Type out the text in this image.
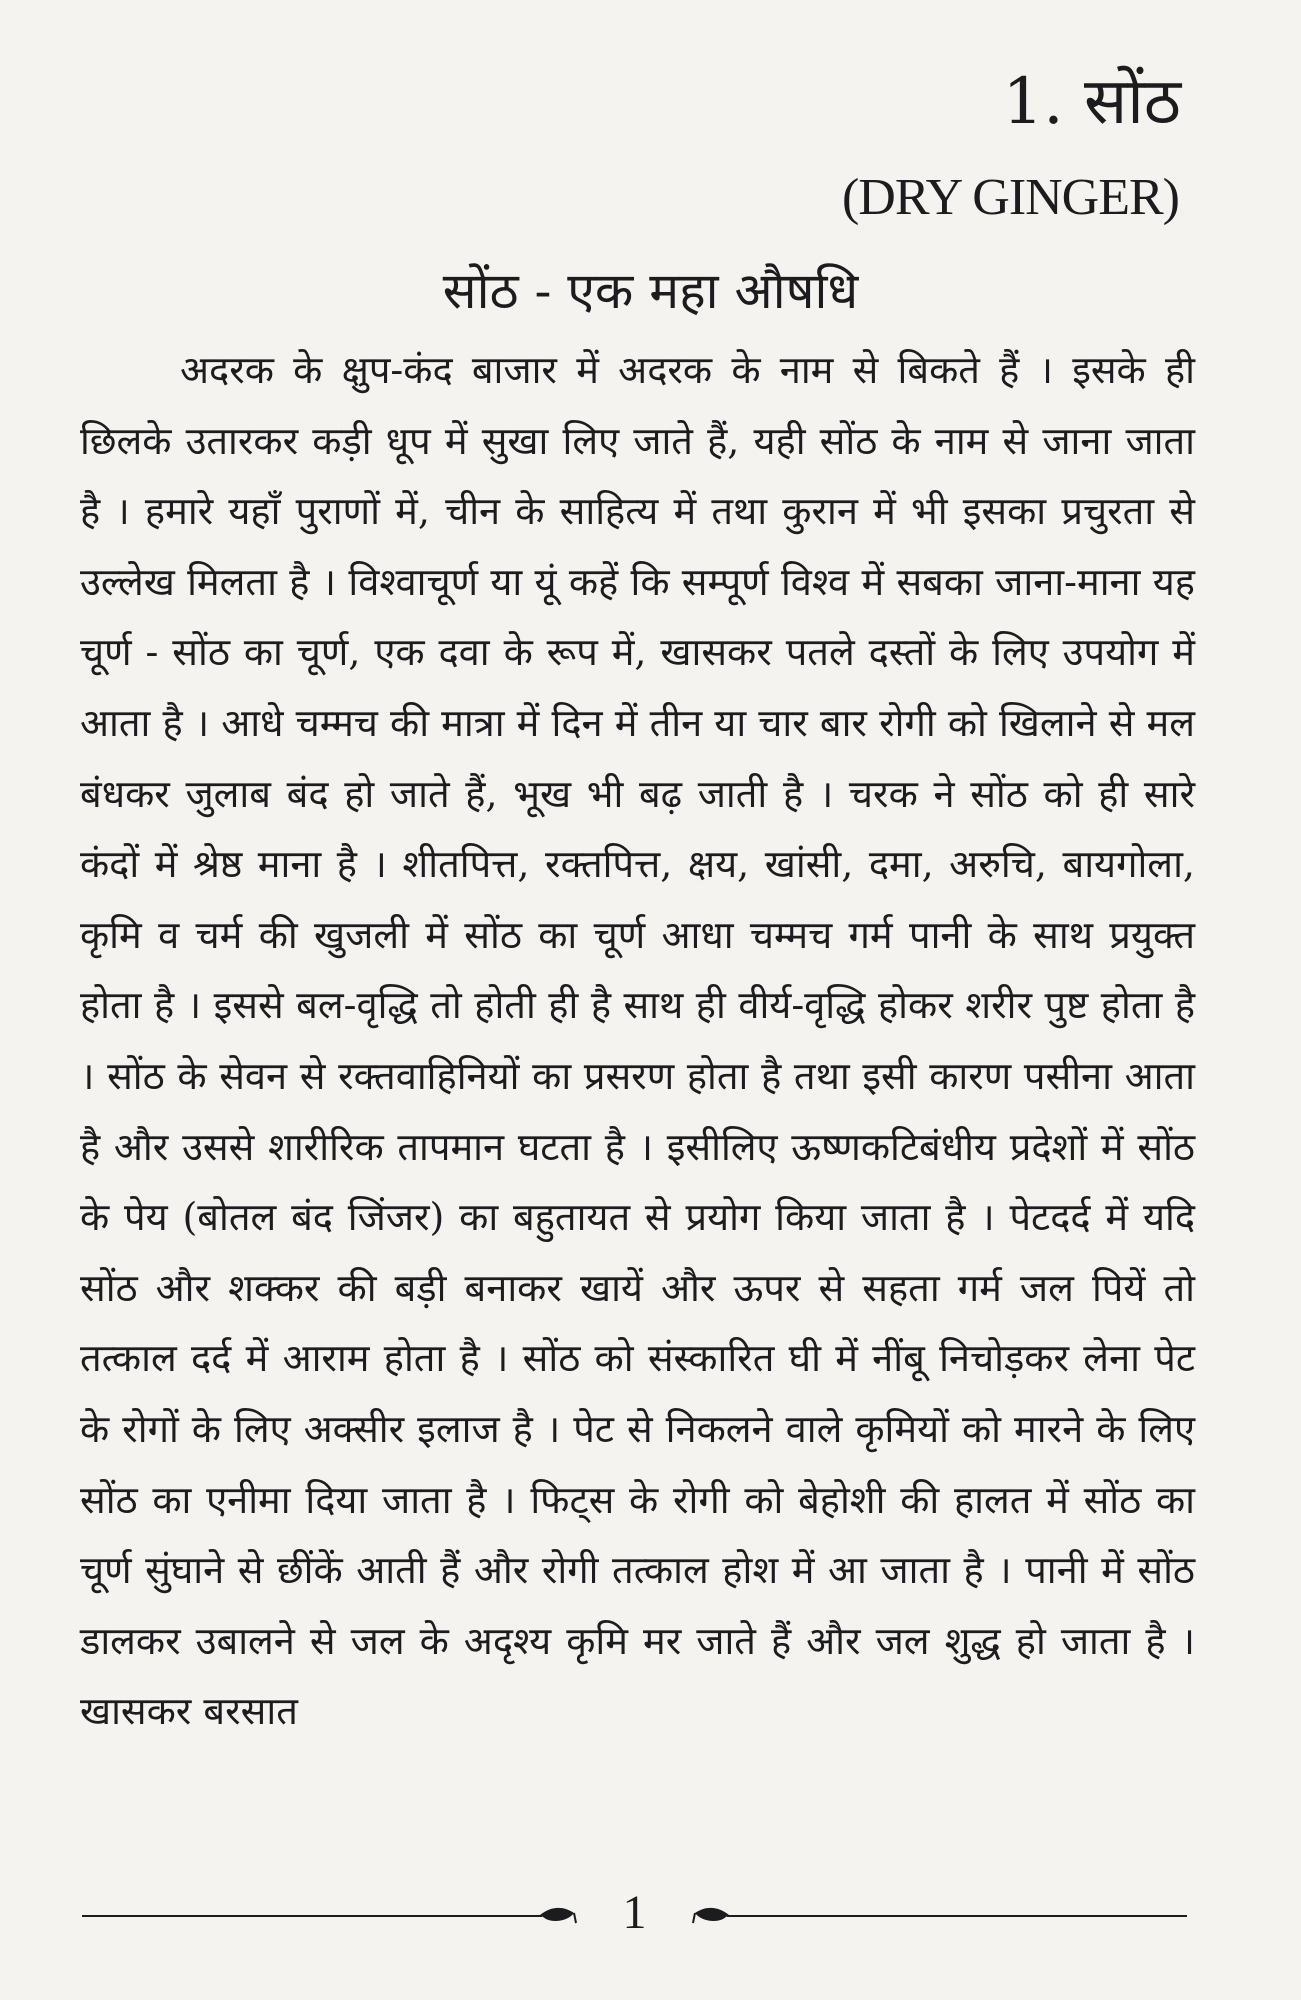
1. सोंठ
(DRY GINGER)
सोंठ - एक महा औषधि

अदरक के क्षुप-कंद बाजार में अदरक के नाम से बिकते हैं । इसके ही छिलके उतारकर कड़ी धूप में सुखा लिए जाते हैं, यही सोंठ के नाम से जाना जाता है । हमारे यहाँ पुराणों में, चीन के साहित्य में तथा कुरान में भी इसका प्रचुरता से उल्लेख मिलता है । विश्वाचूर्ण या यूं कहें कि सम्पूर्ण विश्व में सबका जाना-माना यह चूर्ण - सोंठ का चूर्ण, एक दवा के रूप में, खासकर पतले दस्तों के लिए उपयोग में आता है । आधे चम्मच की मात्रा में दिन में तीन या चार बार रोगी को खिलाने से मल बंधकर जुलाब बंद हो जाते हैं, भूख भी बढ़ जाती है । चरक ने सोंठ को ही सारे कंदों में श्रेष्ठ माना है । शीतपित्त, रक्तपित्त, क्षय, खांसी, दमा, अरुचि, बायगोला, कृमि व चर्म की खुजली में सोंठ का चूर्ण आधा चम्मच गर्म पानी के साथ प्रयुक्त होता है । इससे बल-वृद्धि तो होती ही है साथ ही वीर्य-वृद्धि होकर शरीर पुष्ट होता है । सोंठ के सेवन से रक्तवाहिनियों का प्रसरण होता है तथा इसी कारण पसीना आता है और उससे शारीरिक तापमान घटता है । इसीलिए ऊष्णकटिबंधीय प्रदेशों में सोंठ के पेय (बोतल बंद जिंजर) का बहुतायत से प्रयोग किया जाता है । पेटदर्द में यदि सोंठ और शक्कर की बड़ी बनाकर खायें और ऊपर से सहता गर्म जल पियें तो तत्काल दर्द में आराम होता है । सोंठ को संस्कारित घी में नींबू निचोड़कर लेना पेट के रोगों के लिए अक्सीर इलाज है । पेट से निकलने वाले कृमियों को मारने के लिए सोंठ का एनीमा दिया जाता है । फिट्स के रोगी को बेहोशी की हालत में सोंठ का चूर्ण सुंघाने से छींकें आती हैं और रोगी तत्काल होश में आ जाता है । पानी में सोंठ डालकर उबालने से जल के अदृश्य कृमि मर जाते हैं और जल शुद्ध हो जाता है । खासकर बरसात

1
